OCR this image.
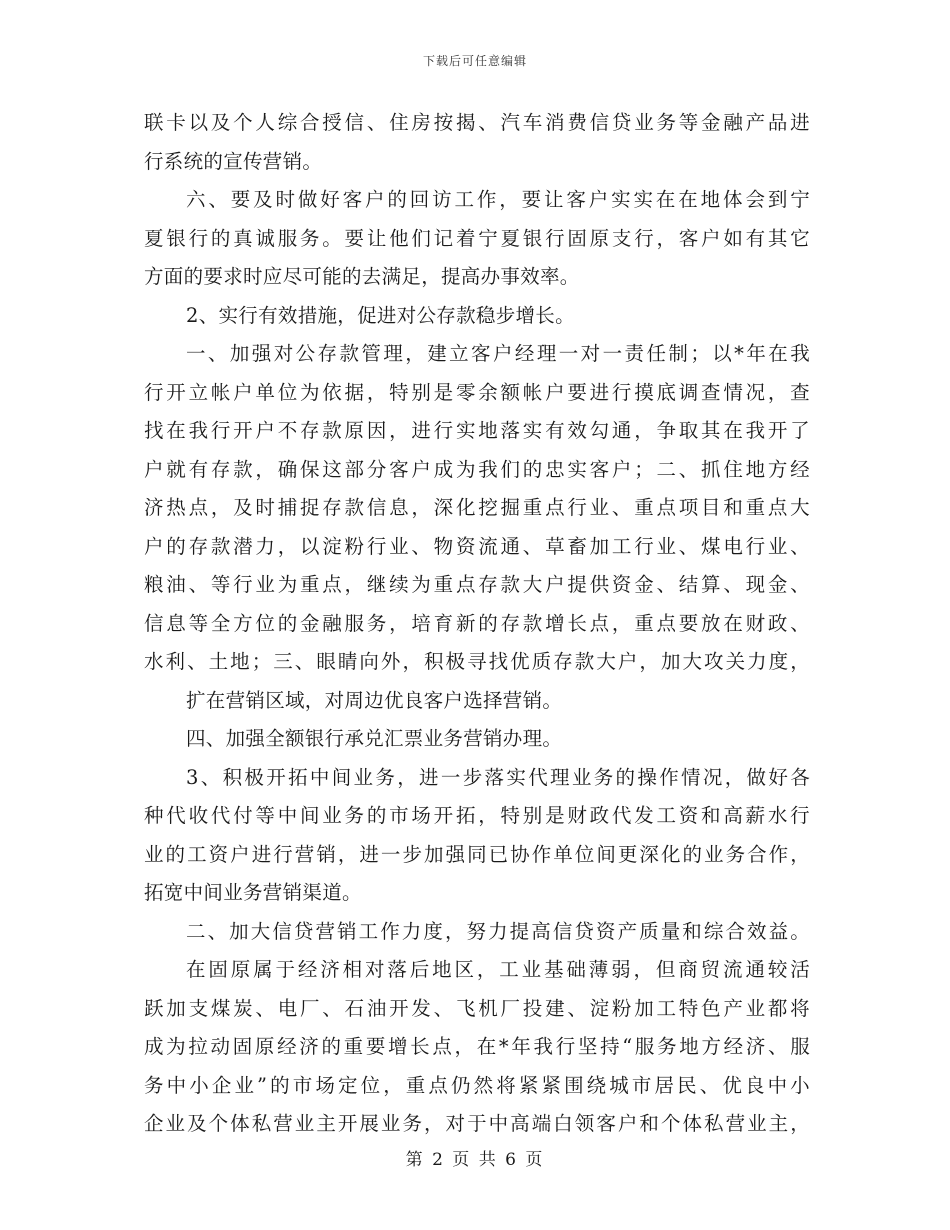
下载后可任意编辑
联卡以及个人综合授信、住房按揭、汽车消费信贷业务等金融产品进
行系统的宣传营销。
六、要及时做好客户的回访工作，要让客户实实在在地体会到宁
夏银行的真诚服务。要让他们记着宁夏银行固原支行，客户如有其它
方面的要求时应尽可能的去满足，提高办事效率。
2、实行有效措施，促进对公存款稳步增长。
一、加强对公存款管理，建立客户经理一对一责任制；以*年在我
行开立帐户单位为依据，特别是零余额帐户要进行摸底调查情况，查
找在我行开户不存款原因，进行实地落实有效勾通，争取其在我开了
户就有存款，确保这部分客户成为我们的忠实客户；二、抓住地方经
济热点，及时捕捉存款信息，深化挖掘重点行业、重点项目和重点大
户的存款潜力，以淀粉行业、物资流通、草畜加工行业、煤电行业、
粮油、等行业为重点，继续为重点存款大户提供资金、结算、现金、
信息等全方位的金融服务，培育新的存款增长点，重点要放在财政、
水利、土地；三、眼睛向外，积极寻找优质存款大户，加大攻关力度，
扩在营销区域，对周边优良客户选择营销。
四、加强全额银行承兑汇票业务营销办理。
3、积极开拓中间业务，进一步落实代理业务的操作情况，做好各
种代收代付等中间业务的市场开拓，特别是财政代发工资和高薪水行
业的工资户进行营销，进一步加强同已协作单位间更深化的业务合作，
拓宽中间业务营销渠道。
二、加大信贷营销工作力度，努力提高信贷资产质量和综合效益。
在固原属于经济相对落后地区，工业基础薄弱，但商贸流通较活
跃加支煤炭、电厂、石油开发、飞机厂投建、淀粉加工特色产业都将
成为拉动固原经济的重要增长点，在*年我行坚持“服务地方经济、服
务中小企业”的市场定位，重点仍然将紧紧围绕城市居民、优良中小
企业及个体私营业主开展业务，对于中高端白领客户和个体私营业主，
第 2 页 共 6 页
